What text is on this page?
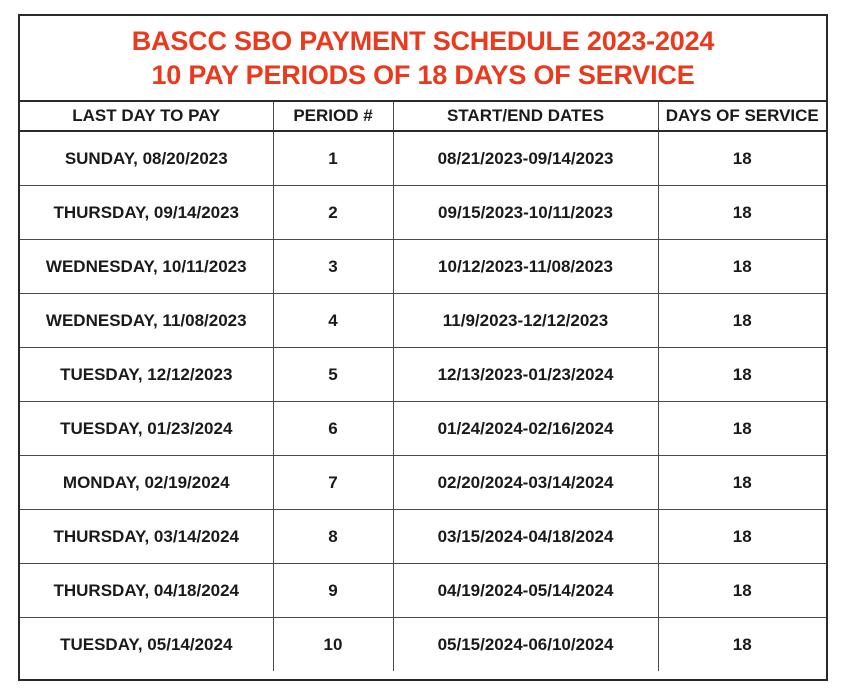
BASCC SBO PAYMENT SCHEDULE 2023-2024
10 PAY PERIODS OF 18 DAYS OF SERVICE
LAST DAY TO PAY	PERIOD #	START/END DATES	DAYS OF SERVICE
SUNDAY, 08/20/2023	1	08/21/2023-09/14/2023	18
THURSDAY, 09/14/2023	2	09/15/2023-10/11/2023	18
WEDNESDAY, 10/11/2023	3	10/12/2023-11/08/2023	18
WEDNESDAY, 11/08/2023	4	11/9/2023-12/12/2023	18
TUESDAY, 12/12/2023	5	12/13/2023-01/23/2024	18
TUESDAY, 01/23/2024	6	01/24/2024-02/16/2024	18
MONDAY, 02/19/2024	7	02/20/2024-03/14/2024	18
THURSDAY, 03/14/2024	8	03/15/2024-04/18/2024	18
THURSDAY, 04/18/2024	9	04/19/2024-05/14/2024	18
TUESDAY, 05/14/2024	10	05/15/2024-06/10/2024	18
